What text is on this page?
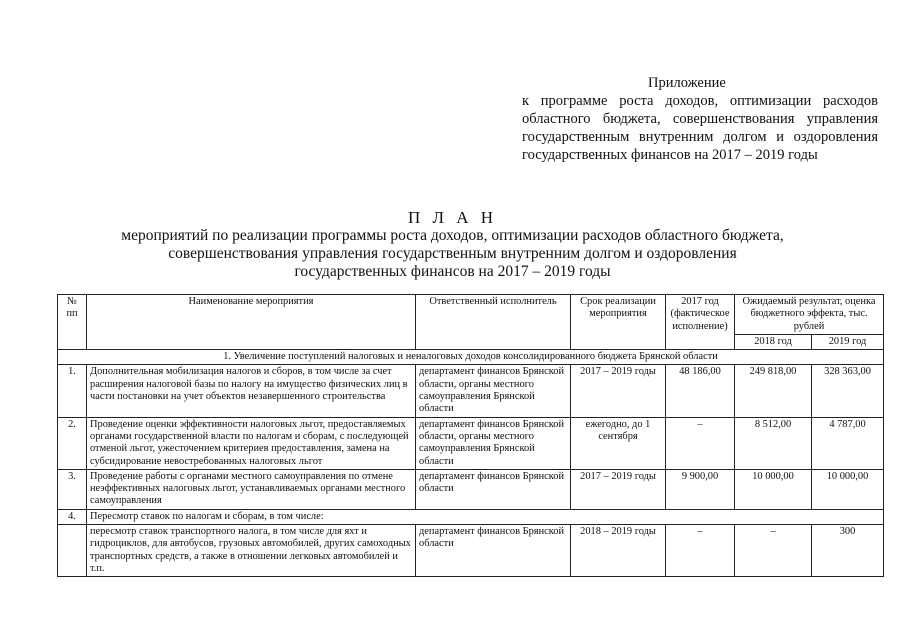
Приложение
к программе роста доходов, оптимизации расходов
областного бюджета, совершенствования управления
государственным внутренним долгом и оздоровления
государственных финансов на 2017 – 2019 годы
П Л А Н
мероприятий по реализации программы роста доходов, оптимизации расходов областного бюджета,
совершенствования управления государственным внутренним долгом и оздоровления
государственных финансов на 2017 – 2019 годы
№ пп	Наименование мероприятия	Ответственный исполнитель	Срок реализации мероприятия	2017 год (фактическое исполнение)	Ожидаемый результат, оценка бюджетного эффекта, тыс. рублей	
					2018 год	2019 год
1. Увеличение поступлений налоговых и неналоговых доходов консолидированного бюджета Брянской области						
1.	Дополнительная мобилизация налогов и сборов, в том числе за счет расширения налоговой базы по налогу на имущество физических лиц в части постановки на учет объектов незавершенного строительства	департамент финансов Брянской области, органы местного самоуправления Брянской области	2017 – 2019 годы	48 186,00	249 818,00	328 363,00
2.	Проведение оценки эффективности налоговых льгот, предоставляемых органами государственной власти по налогам и сборам, с последующей отменой льгот, ужесточением критериев предоставления, замена на субсидирование невостребованных налоговых льгот	департамент финансов Брянской области, органы местного самоуправления Брянской области	ежегодно, до 1 сентября	–	8 512,00	4 787,00
3.	Проведение работы с органами местного самоуправления по отмене неэффективных налоговых льгот, устанавливаемых органами местного самоуправления	департамент финансов Брянской области	2017 – 2019 годы	9 900,00	10 000,00	10 000,00
4.	Пересмотр ставок по налогам и сборам, в том числе:					
	пересмотр ставок транспортного налога, в том числе для яхт и гидроциклов, для автобусов, грузовых автомобилей, других самоходных транспортных средств, а также в отношении легковых автомобилей и т.п.	департамент финансов Брянской области	2018 – 2019 годы	–	–	300
